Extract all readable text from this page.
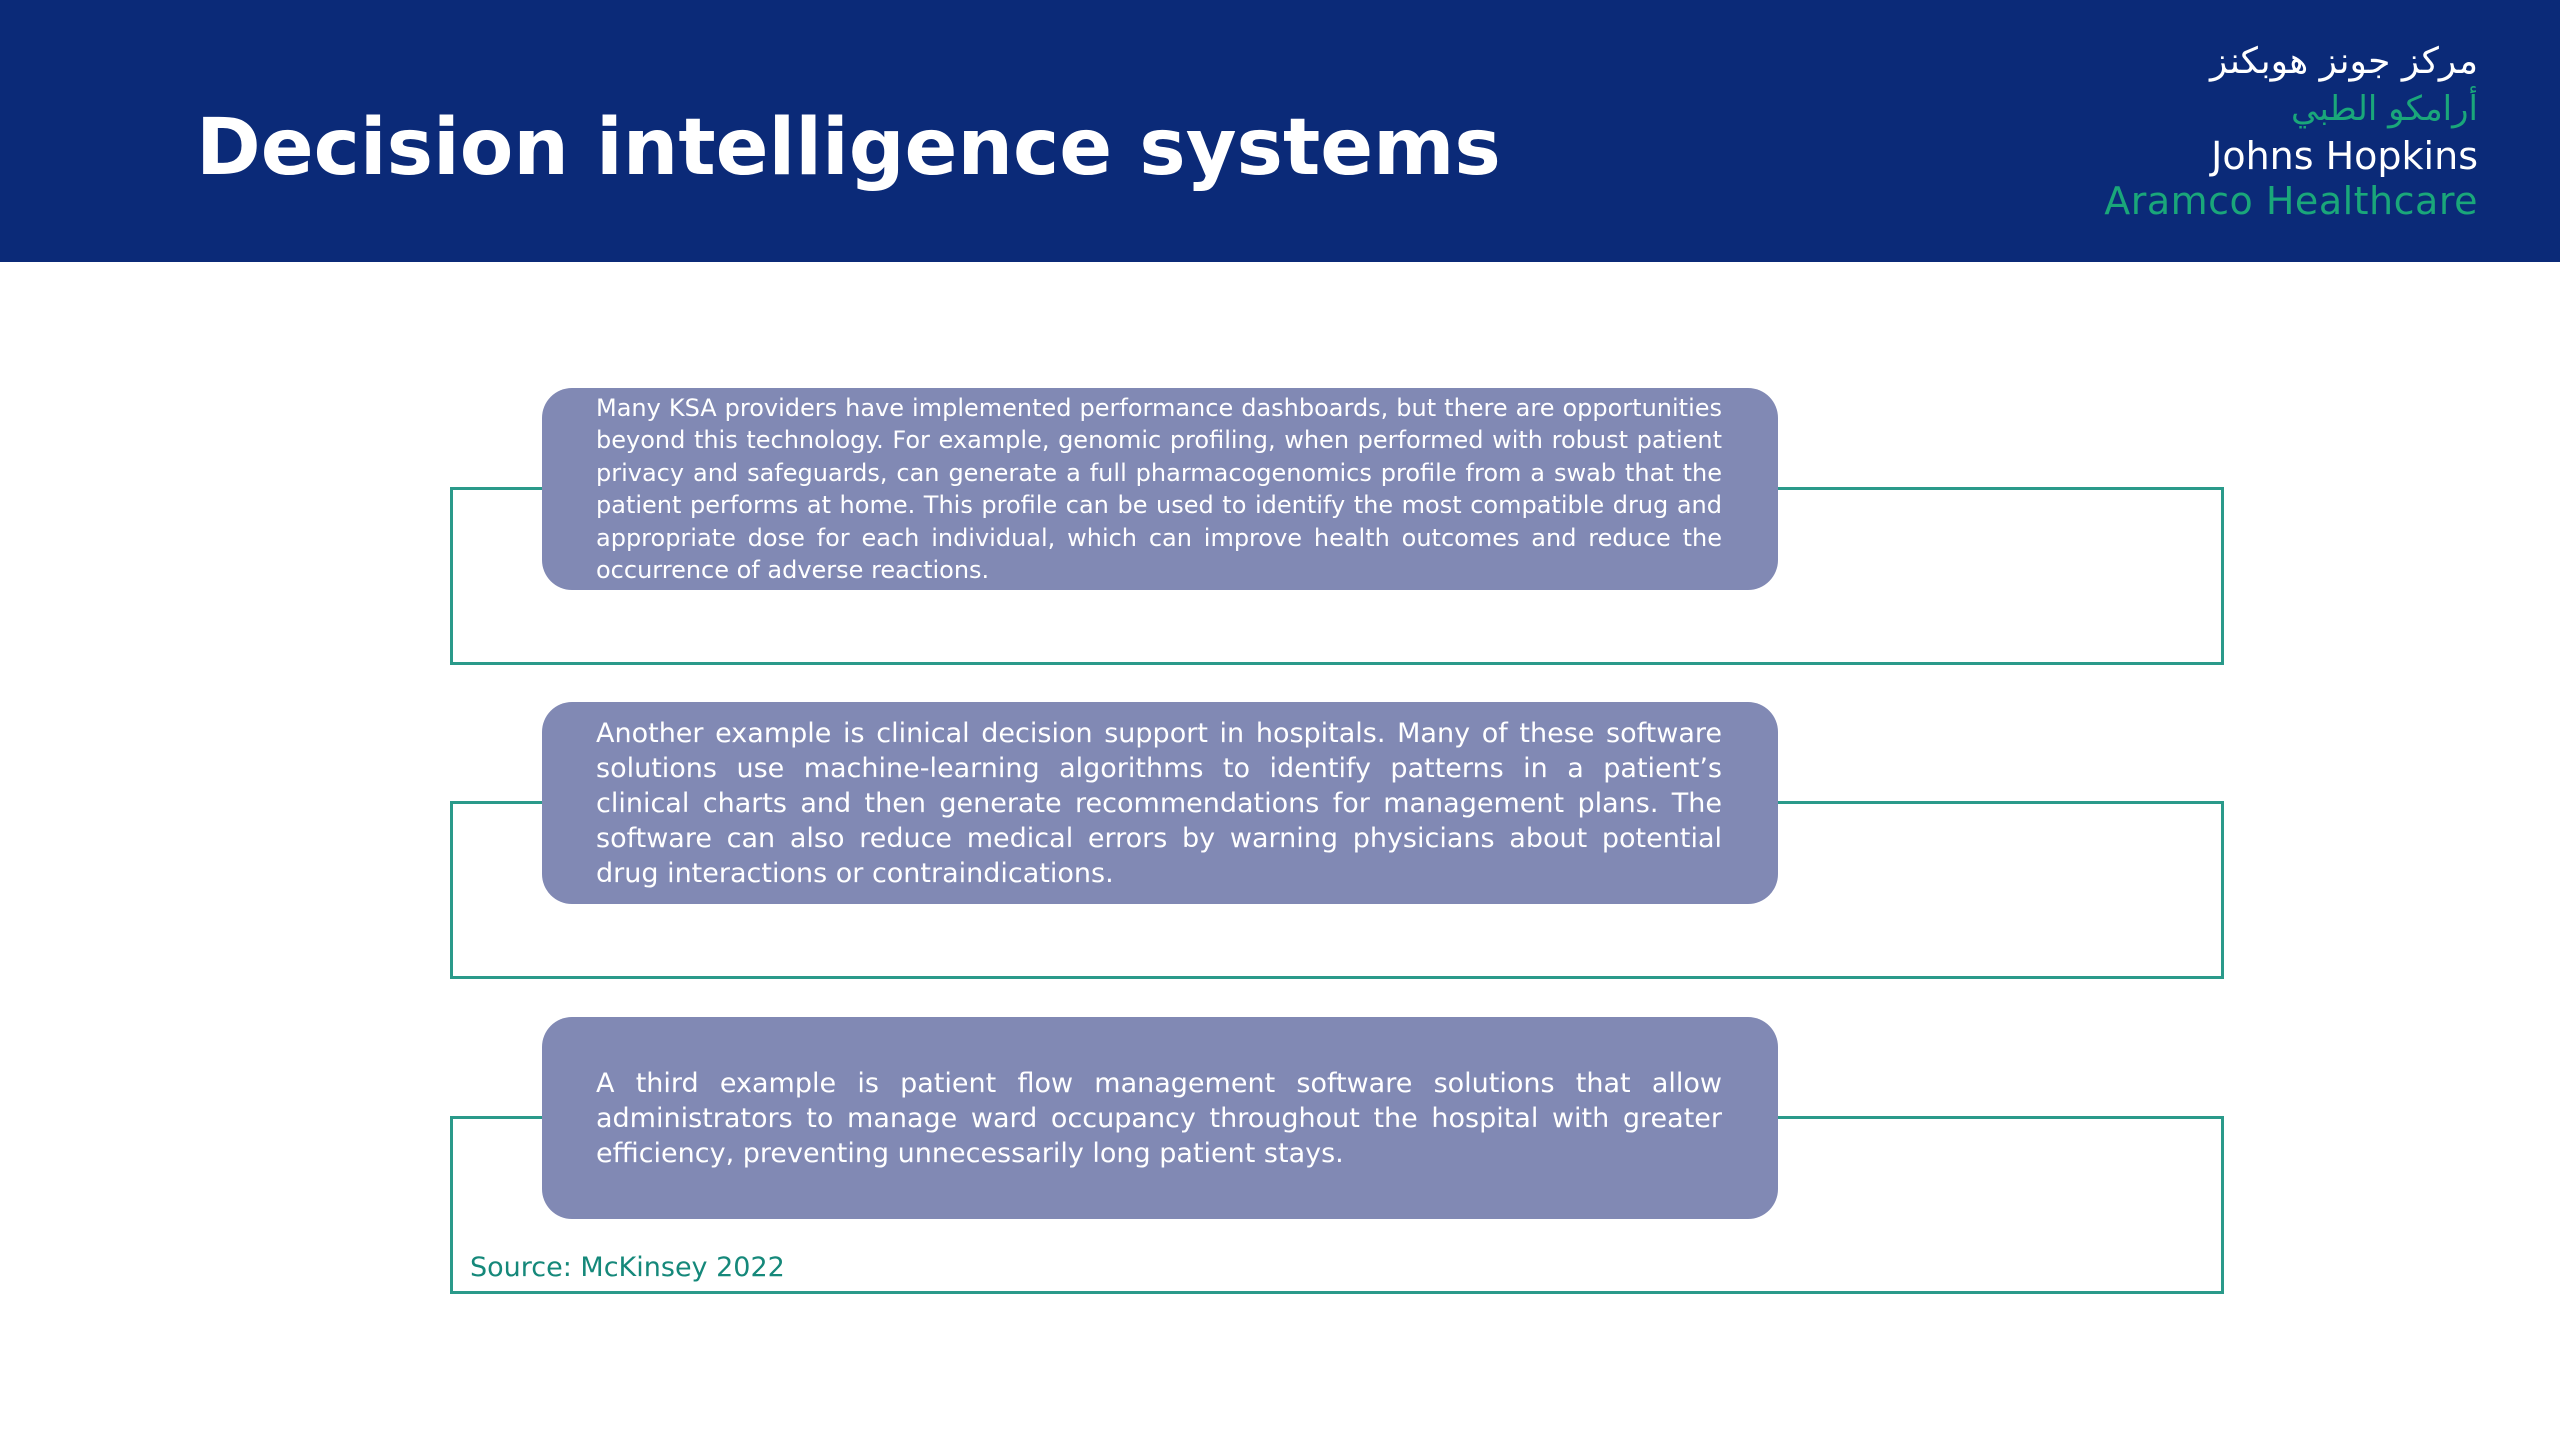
Decision intelligence systems
مركز جونز هوبكنز
أرامكو الطبي
Johns Hopkins
Aramco Healthcare

Many KSA providers have implemented performance dashboards, but there are opportunities beyond this technology. For example, genomic profiling, when performed with robust patient privacy and safeguards, can generate a full pharmacogenomics profile from a swab that the patient performs at home. This profile can be used to identify the most compatible drug and appropriate dose for each individual, which can improve health outcomes and reduce the occurrence of adverse reactions.

Another example is clinical decision support in hospitals. Many of these software solutions use machine-learning algorithms to identify patterns in a patient’s clinical charts and then generate recommendations for management plans. The software can also reduce medical errors by warning physicians about potential drug interactions or contraindications.

A third example is patient flow management software solutions that allow administrators to manage ward occupancy throughout the hospital with greater efficiency, preventing unnecessarily long patient stays.

Source: McKinsey 2022
